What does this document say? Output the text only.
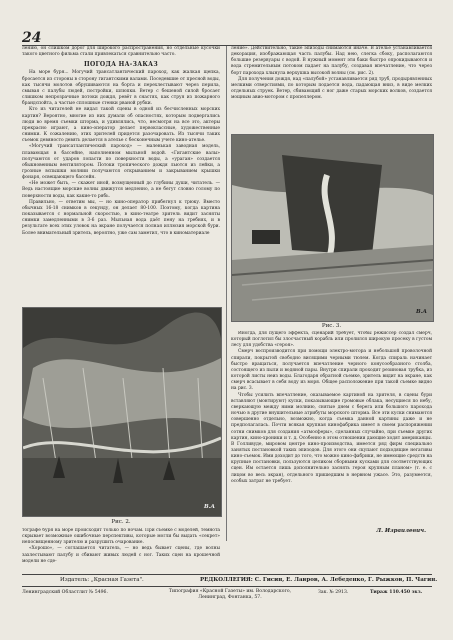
24

лению, он слишком дорог для широкого распространения, но отдельные кусочки такого цветного фильма стали привлекаться сравнительно часто.

ПОГОДА НА-ЗАКАЗ

На море буря... Могучий трансатлантический пароход, как жалкая щепка, бросается из стороны в сторону гигантскими валами. Поседевшие от пресной воды, как тысячи молотов обрушиваются на борта и перехлестывают через перила, смывая с палубы людей, постройки, шлюпки. Ветер с бешеной силой бросает слишком непрозрачные потоки дождя, ревёт в снастях, как струя из пожарного брандспойта, а частые сплошные стенки рваной рубки.

Кто из читателей не видал такой сцены в одной из бесчисленных морских картин? Вероятно, многие из них думали об опасностях, которым подвергались люди во время съемки шторма, и удивлялись, что, несмотря на все это, актеры прекрасно играют, а кино-оператор делает первоклассные, художественные снимки. К сожалению, этих зрителей придется разочаровать. Из тысячи таких съемок девяносто девять делается в ателье с бесконечным учете кино-ателье.

«Могучий трансатлантический пароход» — маленькая заводная модель, плавающая в бассейне, наполненном мыльной водой. «Гигантские валы» получаются от ударов лопасти по поверхности воды, а «ураган» создается обыкновенным вентилятором. Потоки тропического дождя льются из лейки, а грозные вспышки молнии получаются открыванием и закрыванием крышки фонаря, освещающего бассейн.

«Не может быть, — скажет иной, возмущенный до глубины души, читатель. — Ведь настоящие морские волны движутся медленно, а не бегут словно голому по поверхности воды, как какие-то рябь.

Правильно, — ответим мы, — но кино-оператор прибегнул к трюку. Вместо обычных 16-18 снимков в секунду, он делает 80-100. Поэтому, когда картина показывается с нормальной скоростью, в кино-театре зритель видит засняты снимки замедленными в 3-6 раз. Мыльная вода даёт пену на гребнях, и в результате всех этих уловок на экране получается полная иллюзия морской бури. Более внимательный зритель, вероятно, уже сам заметил, что в киноматериале

В.А
Рис. 2.

ление». Действительно, такие эпизоды снимаются иначе. В ателье устанавливается декорация, изображающая часть палубы. Над нею, слегка сбоку, располагаются большие резервуары с водой. В нужный момент эти баки быстро опрокидываются и вода стремительным потоком падает на палубу, создавая впечатление, что через борт парохода хлынула верхушка высокой волны (см. рис. 2).

Для получения дождя, над «палубой» устанавливается ряд труб, продырявленных мелкими отверстиями, по которым подается вода, падающая вниз, в виде мелких отдельных струек. Ветер, сбивающий с ног даже старых морских волков, создается мощным авио-мотором с пропеллером.

В.А
Рис. 3.

Иногда, для пущего эффекта, сценарий требует, чтобы режиссер создал смерч, который поглотил бы злосчастный корабль или пролился широкую просеку в густом лесу для удобства «героя».

Смерч воспроизводится при помощи электро-мотора и небольшой проволочной спирали, покрытой свободно висящими черными тюлем. Когда спираль начинает быстро вращаться, получается впечатление черного конусообразного столба, состоящего из пыли и водяной пары. Внутри спирали проходит резиновая трубка, из которой листы неиз воды. Благодаря обратной съемке, зритель видит на экране, как смерч всасывает в себя воду из моря. Общее расположение при такой съемке видно на рис. 3.

Чтобы усилить впечатление, оказываемое картиной на зрителя, в сцены бури вставляют (монтируют) куски, показывающие громовые облака, несущиеся по небу, сверкающую между ними молнию, снятые днем с берега или большого парохода ночью в другие внушительные атрибуты морского шторма. Все эти куски снимаются совершенно отдельно, возможно, когда съемка данной картины даже и не предполагалась. Почти всякая крупная кинофабрика имеет в своем распоряжении сотни снимков для создания «атмосферы», сделанных случайно, при съемке других картин, кино-хроники и т. д. Особенно в этом отношении дающие ходят американцы. В Голливуде, мировом центре кино-производства, имеется ряд фирм специально занятых постановкой таких эпизодов. Для этого они скупают подходящие негативы кино-съемок. Ими доходит до того, что можно кино-фабрики, не имеющие средств на крупные постановки, пользуются целиком сборными кусками для соответствующих сцен. Им остается лишь дополнительно заснять героя крупным планом» (т. е. с лицом во весь экран), отдельного пришедшим в нервном ужасе. Это, разумеется, особых затрат не требует.

Л. Израилевич.

тографе буря на море происходит только по ночам. При съемке с моделей, темнота скрывает возможные ошибочные перспективы, которые могли бы выдать «секрет» непосвященному зрителю и разрушить очарование.

«Хорошо», — соглашается читатель, — но ведь бывает сцены, где волны захлестывают палубу и сбивают живых людей с ног. Таких сцен на крошечной модели не сде-

Издатель: „Красная Газета".	РЕДКОЛЛЕГИЯ: С. Гисин, Е. Лавров, А. Лебеденко, Г. Рыжков, П. Чагин.
Ленинградский Областлит № 5496.	Типография «Красной Газеты» им. Володарского, Ленинград, Фонтанка, 57.
Зак. № 2913.	Тираж 110.450 экз.
